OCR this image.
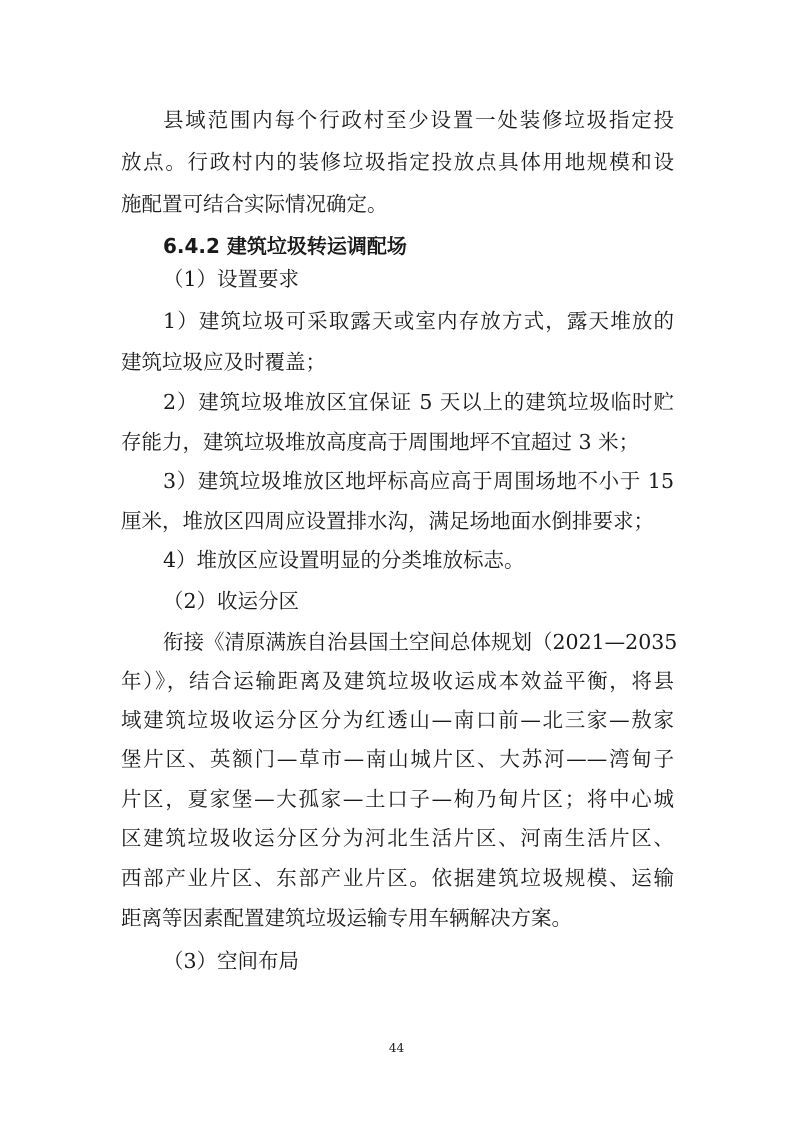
县域范围内每个行政村至少设置一处装修垃圾指定投
放点。行政村内的装修垃圾指定投放点具体用地规模和设
施配置可结合实际情况确定。
6.4.2 建筑垃圾转运调配场
（1）设置要求
1）建筑垃圾可采取露天或室内存放方式，露天堆放的
建筑垃圾应及时覆盖；
2）建筑垃圾堆放区宜保证 5 天以上的建筑垃圾临时贮
存能力，建筑垃圾堆放高度高于周围地坪不宜超过 3 米；
3）建筑垃圾堆放区地坪标高应高于周围场地不小于 15
厘米，堆放区四周应设置排水沟，满足场地面水倒排要求；
4）堆放区应设置明显的分类堆放标志。
（2）收运分区
衔接《清原满族自治县国土空间总体规划（2021—2035
年）》，结合运输距离及建筑垃圾收运成本效益平衡，将县
域建筑垃圾收运分区分为红透山—南口前—北三家—敖家
堡片区、英额门—草市—南山城片区、大苏河——湾甸子
片区，夏家堡—大孤家—土口子—枸乃甸片区；将中心城
区建筑垃圾收运分区分为河北生活片区、河南生活片区、
西部产业片区、东部产业片区。依据建筑垃圾规模、运输
距离等因素配置建筑垃圾运输专用车辆解决方案。
（3）空间布局
44
